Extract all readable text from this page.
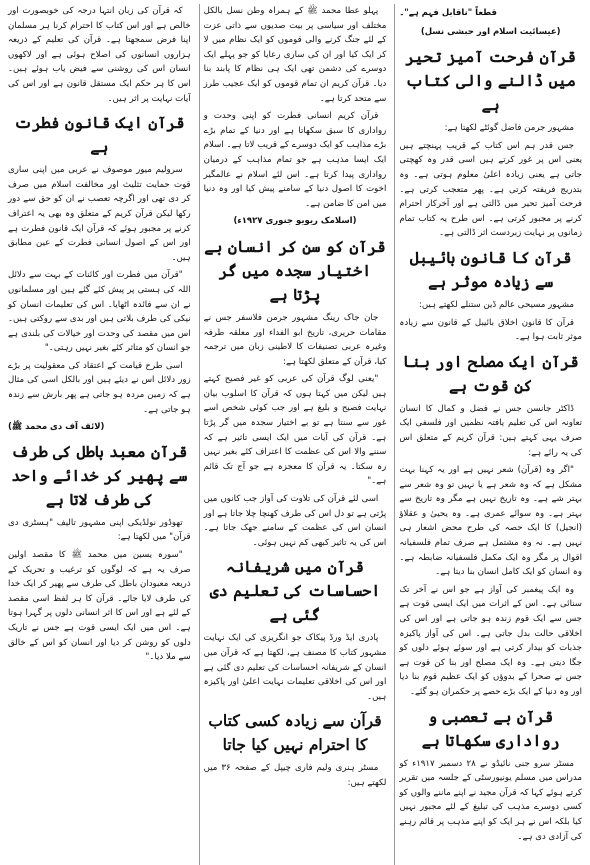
قطعاً "ناقابل فہم ہے"۔
(عیسائیت اسلام اور حبشی نسل)
قرآن فرحت آمیز تحیر میں ڈالنے والی کتاب ہے

مشہور جرمن فاضل گوئٹے لکھتا ہے:

جس قدر ہم اس کتاب کے قریب پہنچتے ہیں یعنی اس پر غور کرتے ہیں اسی قدر وہ کھچتی جاتی ہے یعنی زیادہ اعلیٰ معلوم ہوتی ہے۔ وہ بتدریج فریفتہ کرتی ہے۔ پھر متعجب کرتی ہے۔ فرحت آمیز تحیر میں ڈالتی ہے اور آخرکار احترام کرنے پر مجبور کرتی ہے۔ اس طرح یہ کتاب تمام زمانوں پر نہایت زبردست اثر ڈالتی ہے۔

قرآن کا قانون بائیبل سے زیادہ موثر ہے

مشہور مسیحی عالم ڈین ستنلے لکھتے ہیں:

قرآن کا قانون اخلاق بائیبل کے قانون سے زیادہ موثر ثابت ہوا ہے۔

قرآن ایک مصلح اور بنا کن قوت ہے

ڈاکٹر جانسن جس نے فضل و کمال کا انسان تعاونہ اس کی تعلیم یافتہ نظمیں اور فلسفی ایک صرف یہی کہتے ہیں: قرآن کریم کے متعلق اس کی یہ رائے ہے:

"اگر وہ (قرآن) شعر نہیں ہے اور یہ کہنا بہت مشکل ہے کہ وہ شعر ہے یا نہیں تو وہ شعر سے بہتر شے ہے۔ وہ تاریخ نہیں ہے مگر وہ تاریخ سے بہتر ہے۔ وہ سوائے عمری ہے۔ وہ یحییٰ و عقلاؤ (انجیل) کا ایک حصہ کی طرح محض اشعار ہی نہیں ہے۔ نہ وہ مشتمل ہے صرف تمام فلسفیانہ اقوال پر مگر وہ ایک مکمل فلسفیانہ ضابطہ ہے۔ وہ انسان کو ایک کامل انسان بنا دیتا ہے۔

وہ ایک پیغمبر کی آواز ہے جو اس نے آخر تک سنائی ہے۔ اس کے اثرات میں ایک ایسی قوت ہے جس سے ایک قوم زندہ ہو جاتی ہے اور اس کی اخلاقی حالت بدل جاتی ہے۔ اس کی آواز پاکیزہ جذبات کو بیدار کرتی ہے اور سوئے ہوئے دلوں کو جگا دیتی ہے۔ وہ ایک مصلح اور بنا کن قوت ہے جس نے صحرا کے بدوؤں کو ایک عظیم قوم بنا دیا اور وہ دنیا کے ایک بڑے حصے پر حکمران ہو گئے۔

قرآن بے تعصبی و رواداری سکھاتا ہے

مسٹر سرو جنی نائیڈو نے ۲۸ دسمبر ۱۹۱۷ء کو مدراس میں مسلم یونیورسٹی کے جلسہ میں تقریر کرتے ہوئے کہا کہ قرآن مجید نے اپنے ماننے والوں کو کسی دوسرے مذہب کی تبلیغ کے لئے مجبور نہیں کیا بلکہ اس نے ہر ایک کو اپنے مذہب پر قائم رہنے کی آزادی دی ہے۔

پہلو عطا محمد ﷺ کے ہمراہ وطن نسل بالکل مختلف اور سیاسی پر بیت صدیوں سے ذاتی عزت کے لئے جنگ کرنے والی قوموں کو ایک نظام میں لا کر ایک کیا اور ان کی ساری رعایا کو جو پہلے ایک دوسرے کی دشمن تھی ایک ہی نظام کا پابند بنا دیا۔ قرآن کریم ان تمام قوموں کو ایک عجیب طرز سے متحد کرتا ہے۔

قرآن کریم انسانی فطرت کو اپنی وحدت و رواداری کا سبق سکھاتا ہے اور دنیا کے تمام بڑے بڑے مذاہب کو ایک دوسرے کے قریب لاتا ہے۔ اسلام ایک ایسا مذہب ہے جو تمام مذاہب کے درمیان رواداری پیدا کرتا ہے۔ اس لئے اسلام نے عالمگیر اخوت کا اصول دنیا کے سامنے پیش کیا اور وہ دنیا میں امن کا ضامن ہے۔

(اسلامک ریویو جنوری ۱۹۲۷ء)
قرآن کو سن کر انسان بے اختیار سجدہ میں گر پڑتا ہے

جان جاک رینگ مشہور جرمن فلاسفر جس نے مقامات حریری، تاریخ ابو الفداء اور معلقہ طرفہ وغیرہ عربی تصنیفات کا لاطینی زبان میں ترجمہ کیا، قرآن کے متعلق لکھتا ہے:

"یعنی لوگ قرآن کی عربی کو غیر فصیح کہتے ہیں لیکن میں کہتا ہوں کہ قرآن کا اسلوب بیان نہایت فصیح و بلیغ ہے اور جب کوئی شخص اسے غور سے سنتا ہے تو بے اختیار سجدہ میں گر پڑتا ہے۔ قرآن کی آیات میں ایک ایسی تاثیر ہے کہ سننے والا اس کی عظمت کا اعتراف کئے بغیر نہیں رہ سکتا۔ یہ قرآن کا معجزہ ہے جو آج تک قائم ہے۔"

اسی لئے قرآن کی تلاوت کی آواز جب کانوں میں پڑتی ہے تو دل اس کی طرف کھنچا چلا جاتا ہے اور انسان اس کی عظمت کے سامنے جھک جاتا ہے۔ اس کی یہ تاثیر کبھی کم نہیں ہوئی۔

قرآن میں شریفانہ احساسات کی تعلیم دی گئی ہے

پادری ایڈ ورڈ پیکاک جو انگریزی کی ایک نہایت مشہور کتاب کا مصنف ہے، لکھتا ہے کہ قرآن میں انسان کے شریفانہ احساسات کی تعلیم دی گئی ہے اور اس کی اخلاقی تعلیمات نہایت اعلیٰ اور پاکیزہ ہیں۔

قرآن سے زیادہ کسی کتاب کا احترام نہیں کیا جاتا

مسٹر ہنری ولیم فاری چیپل کے صفحہ ۳۶ میں لکھتے ہیں:

کہ قرآن کی زبان انتہا درجہ کی خوبصورت اور خالص ہے اور اس کتاب کا احترام کرنا ہر مسلمان اپنا فرض سمجھتا ہے۔ قرآن کی تعلیم کے ذریعہ ہزاروں انسانوں کی اصلاح ہوئی ہے اور لاکھوں انسان اس کی روشنی سے فیض یاب ہوئے ہیں۔ اس کا ہر حکم ایک مستقل قانون ہے اور اس کی آیات نہایت پر اثر ہیں۔

قرآن ایک قانون فطرت ہے

سرولیم میور موصوف نے عربی میں اپنی ساری قوت حمایت تثلیث اور مخالفت اسلام میں صرف کر دی تھی اور اگرچہ تعصب نے ان کو حق سے دور رکھا لیکن قرآن کریم کے متعلق وہ بھی یہ اعتراف کرنے پر مجبور ہوئے کہ قرآن ایک قانون فطرت ہے اور اس کے اصول انسانی فطرت کے عین مطابق ہیں۔

"قرآن میں فطرت اور کائنات کے بہت سے دلائل اللہ کی ہستی پر پیش کئے گئے ہیں اور مسلمانوں نے ان سے فائدہ اٹھایا۔ اس کی تعلیمات انسان کو نیکی کی طرف بلاتی ہیں اور بدی سے روکتی ہیں۔ اس میں مقصد کی وحدت اور خیالات کی بلندی ہے جو انسان کو متاثر کئے بغیر نہیں رہتی۔"

اسی طرح قیامت کے اعتقاد کی معقولیت پر بڑے زور دلائل اس نے دیئے ہیں اور بالکل اسی کی مثال ہے کہ زمین مردہ ہو جاتی ہے پھر بارش سے زندہ ہو جاتی ہے۔

(لائف آف دی محمد ﷺ)
قرآن معبد باطل کی طرف سے پھیر کر خدائے واحد کی طرف لاتا ہے

تھوڈور نولڈیکی اپنی مشہور تالیف "ہسٹری دی قرآن" میں لکھتا ہے:

"سورہ یسین میں محمد ﷺ کا مقصد اولین صرف یہ ہے کہ لوگوں کو ترغیب و تحریک کے ذریعہ معبودان باطل کی طرف سے پھیر کر ایک خدا کی طرف لایا جائے۔ قرآن کا ہر لفظ اسی مقصد کے لئے ہے اور اس کا اثر انسانی دلوں پر گہرا ہوتا ہے۔ اس میں ایک ایسی قوت ہے جس نے تاریک دلوں کو روشن کر دیا اور انسان کو اس کے خالق سے ملا دیا۔"
